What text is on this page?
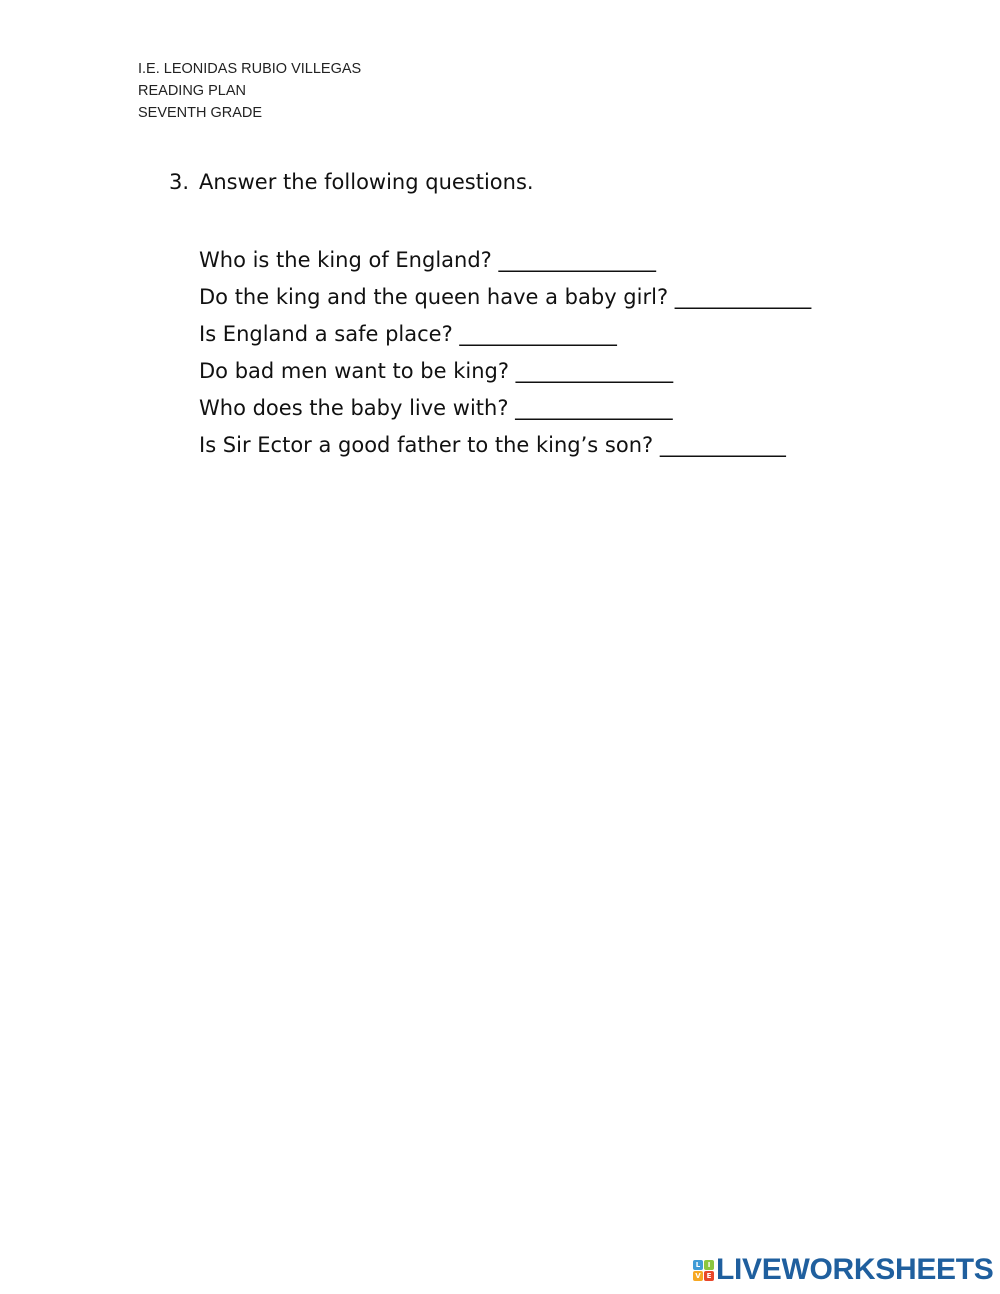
I.E. LEONIDAS RUBIO VILLEGAS
READING PLAN
SEVENTH GRADE
3. Answer the following questions.
Who is the king of England? _______________
Do the king and the queen have a baby girl? _____________
Is England a safe place? _______________
Do bad men want to be king? _______________
Who does the baby live with? _______________
Is Sir Ector a good father to the king’s son? ____________
L	I
V E LIVEWORKSHEETS
